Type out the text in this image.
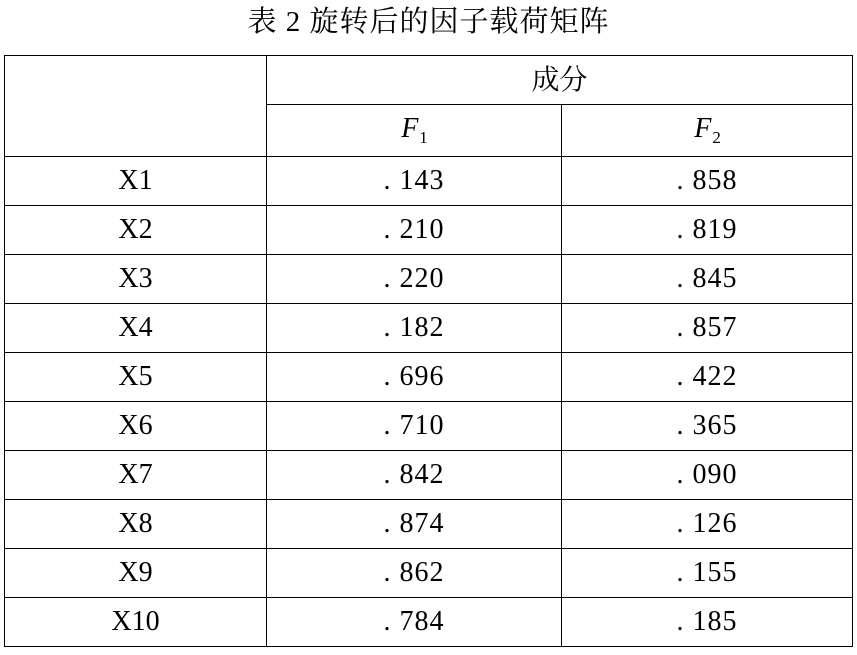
表 2 旋转后的因子载荷矩阵
	成分	
	$F_1$	$F_2$
X1	. 143	. 858
X2	. 210	. 819
X3	. 220	. 845
X4	. 182	. 857
X5	. 696	. 422
X6	. 710	. 365
X7	. 842	. 090
X8	. 874	. 126
X9	. 862	. 155
X10	. 784	. 185
